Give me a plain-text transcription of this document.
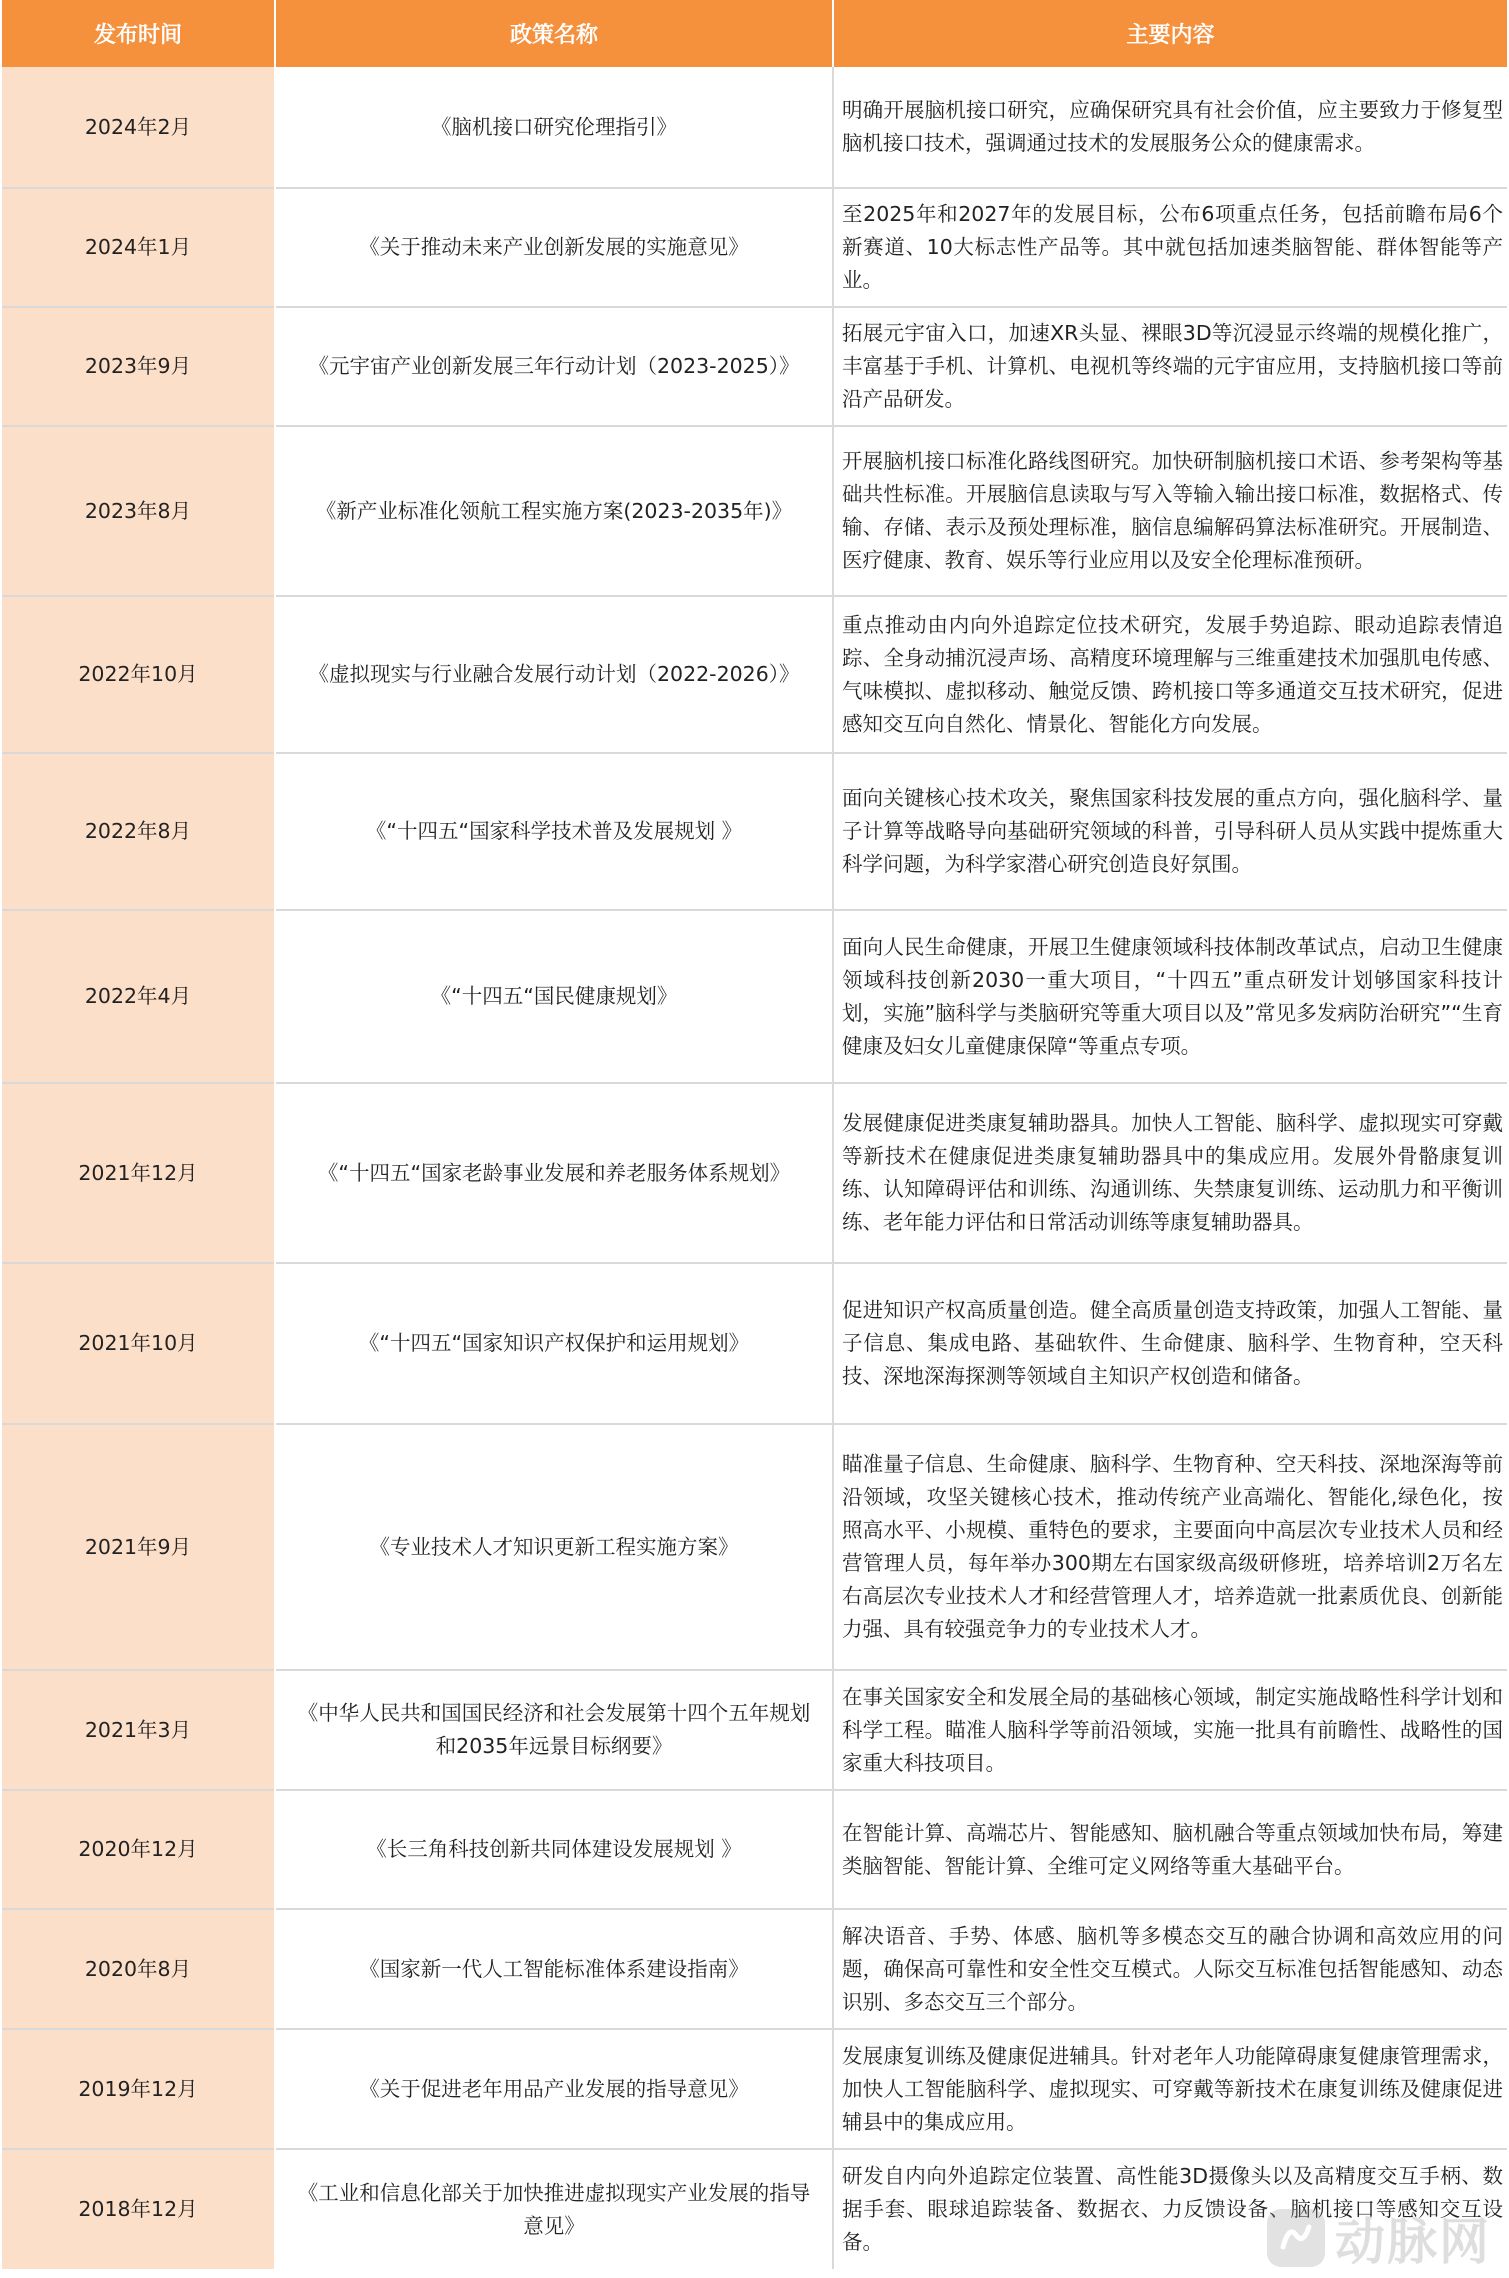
发布时间	政策名称	主要内容
2024年2月	《脑机接口研究伦理指引》	明确开展脑机接口研究，应确保研究具有社会价值，应主要致力于修复型脑机接口技术，强调通过技术的发展服务公众的健康需求。
2024年1月	《关于推动未来产业创新发展的实施意见》	至2025年和2027年的发展目标，公布6项重点任务，包括前瞻布局6个新赛道、10大标志性产品等。其中就包括加速类脑智能、群体智能等产业。
2023年9月	《元宇宙产业创新发展三年行动计划（2023-2025）》	拓展元宇宙入口，加速XR头显、裸眼3D等沉浸显示终端的规模化推广，丰富基于手机、计算机、电视机等终端的元宇宙应用，支持脑机接口等前沿产品研发。
2023年8月	《新产业标准化领航工程实施方案(2023-2035年)》	开展脑机接口标准化路线图研究。加快研制脑机接口术语、参考架构等基础共性标准。开展脑信息读取与写入等输入输出接口标准，数据格式、传输、存储、表示及预处理标准，脑信息编解码算法标准研究。开展制造、医疗健康、教育、娱乐等行业应用以及安全伦理标准预研。
2022年10月	《虚拟现实与行业融合发展行动计划（2022-2026）》	重点推动由内向外追踪定位技术研究，发展手势追踪、眼动追踪表情追踪、全身动捕沉浸声场、高精度环境理解与三维重建技术加强肌电传感、气味模拟、虚拟移动、触觉反馈、跨机接口等多通道交互技术研究，促进感知交互向自然化、情景化、智能化方向发展。
2022年8月	《“十四五“国家科学技术普及发展规划 》	面向关键核心技术攻关，聚焦国家科技发展的重点方向，强化脑科学、量子计算等战略导向基础研究领域的科普，引导科研人员从实践中提炼重大科学问题，为科学家潜心研究创造良好氛围。
2022年4月	《“十四五“国民健康规划》	面向人民生命健康，开展卫生健康领域科技体制改革试点，启动卫生健康领域科技创新2030一重大项目，“十四五”重点研发计划够国家科技计划，实施”脑科学与类脑研究等重大项目以及”常见多发病防治研究”“生育健康及妇女儿童健康保障“等重点专项。
2021年12月	《“十四五“国家老龄事业发展和养老服务体系规划》	发展健康促进类康复辅助器具。加快人工智能、脑科学、虚拟现实可穿戴等新技术在健康促进类康复辅助器具中的集成应用。发展外骨骼康复训练、认知障碍评估和训练、沟通训练、失禁康复训练、运动肌力和平衡训练、老年能力评估和日常活动训练等康复辅助器具。
2021年10月	《“十四五“国家知识产权保护和运用规划》	促进知识产权高质量创造。健全高质量创造支持政策，加强人工智能、量子信息、集成电路、基础软件、生命健康、脑科学、生物育种，空天科技、深地深海探测等领域自主知识产权创造和储备。
2021年9月	《专业技术人才知识更新工程实施方案》	瞄准量子信息、生命健康、脑科学、生物育种、空天科技、深地深海等前沿领域，攻坚关键核心技术，推动传统产业高端化、智能化,绿色化，按照高水平、小规模、重特色的要求，主要面向中高层次专业技术人员和经营管理人员，每年举办300期左右国家级高级研修班，培养培训2万名左右高层次专业技术人才和经营管理人才，培养造就一批素质优良、创新能力强、具有较强竞争力的专业技术人才。
2021年3月	《中华人民共和国国民经济和社会发展第十四个五年规划和2035年远景目标纲要》	在事关国家安全和发展全局的基础核心领域，制定实施战略性科学计划和科学工程。瞄准人脑科学等前沿领域，实施一批具有前瞻性、战略性的国家重大科技项目。
2020年12月	《长三角科技创新共同体建设发展规划 》	在智能计算、高端芯片、智能感知、脑机融合等重点领域加快布局，筹建类脑智能、智能计算、全维可定义网络等重大基础平台。
2020年8月	《国家新一代人工智能标准体系建设指南》	解决语音、手势、体感、脑机等多模态交互的融合协调和高效应用的问题，确保高可靠性和安全性交互模式。人际交互标准包括智能感知、动态识别、多态交互三个部分。
2019年12月	《关于促进老年用品产业发展的指导意见》	发展康复训练及健康促进辅具。针对老年人功能障碍康复健康管理需求，加快人工智能脑科学、虚拟现实、可穿戴等新技术在康复训练及健康促进辅县中的集成应用。
2018年12月	《工业和信息化部关于加快推进虚拟现实产业发展的指导意见》	研发自内向外追踪定位装置、高性能3D摄像头以及高精度交互手柄、数据手套、眼球追踪装备、数据衣、力反馈设备、脑机接口等感知交互设备。	动脉网
